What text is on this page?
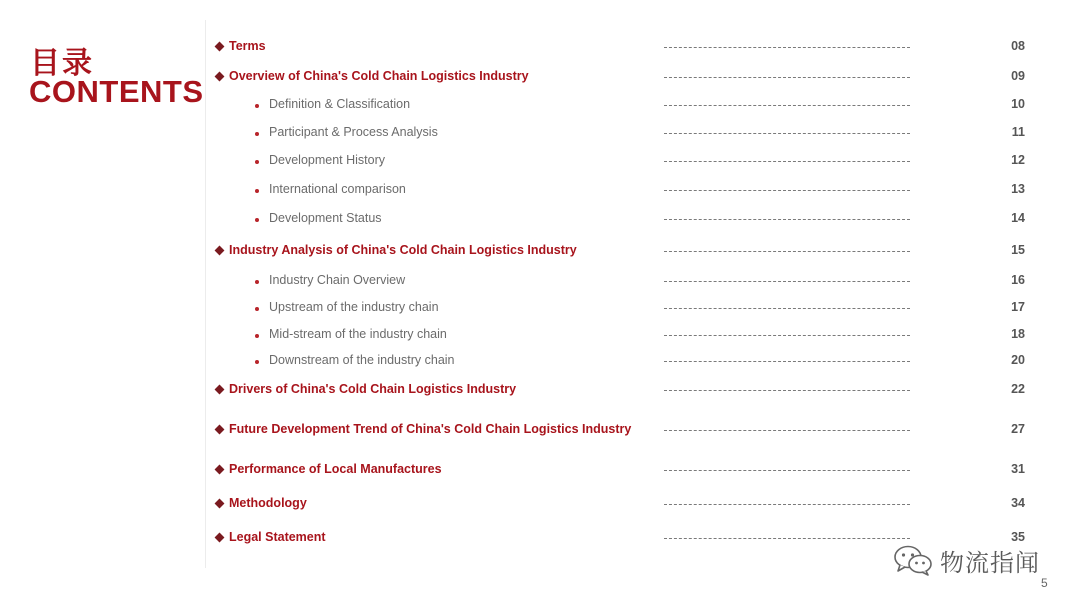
目录
CONTENTS
Terms	08
Overview of China's Cold Chain Logistics Industry	09
Definition & Classification	10
Participant & Process Analysis	11
Development History	12
International comparison	13
Development Status	14
Industry Analysis of China's Cold Chain Logistics Industry	15
Industry Chain Overview	16
Upstream of the industry chain	17
Mid-stream of the industry chain	18
Downstream of the industry chain	20
Drivers of China's Cold Chain Logistics Industry	22
Future Development Trend of China's Cold Chain Logistics Industry	27
Performance of Local Manufactures	31
Methodology	34
Legal Statement	35
物流指闻
5
